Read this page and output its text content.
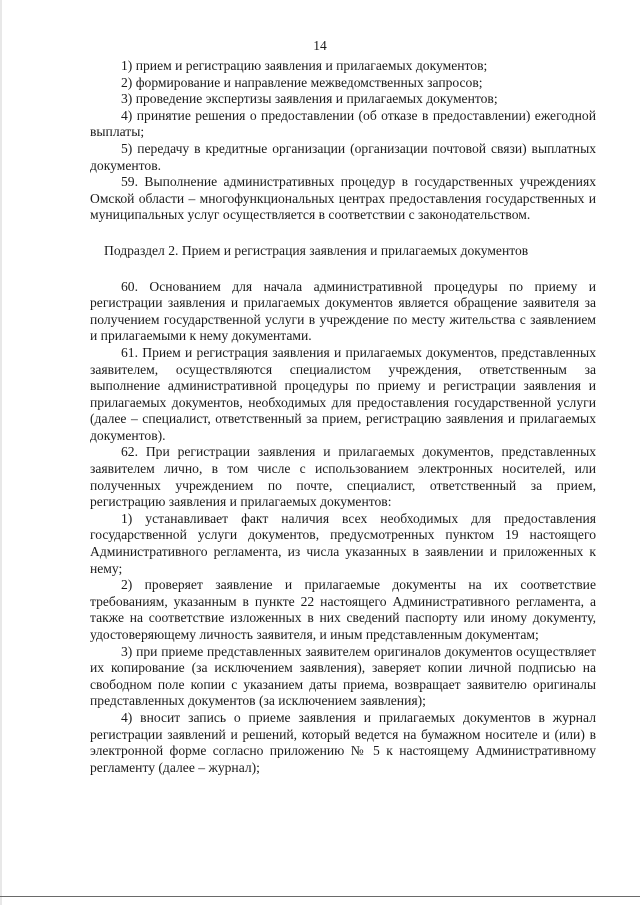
14

1) прием и регистрацию заявления и прилагаемых документов;

2) формирование и направление межведомственных запросов;

3) проведение экспертизы заявления и прилагаемых документов;

4) принятие решения о предоставлении (об отказе в предоставлении) ежегодной выплаты;

5) передачу в кредитные организации (организации почтовой связи) выплатных документов.

59. Выполнение административных процедур в государственных учреждениях Омской области – многофункциональных центрах предоставления государственных и муниципальных услуг осуществляется в соответствии с законодательством.

Подраздел 2. Прием и регистрация заявления и прилагаемых документов

60. Основанием для начала административной процедуры по приему и регистрации заявления и прилагаемых документов является обращение заявителя за получением государственной услуги в учреждение по месту жительства с заявлением и прилагаемыми к нему документами.

61. Прием и регистрация заявления и прилагаемых документов, представленных заявителем, осуществляются специалистом учреждения, ответственным за выполнение административной процедуры по приему и регистрации заявления и прилагаемых документов, необходимых для предоставления государственной услуги (далее – специалист, ответственный за прием, регистрацию заявления и прилагаемых документов).

62. При регистрации заявления и прилагаемых документов, представленных заявителем лично, в том числе с использованием электронных носителей, или полученных учреждением по почте, специалист, ответственный за прием, регистрацию заявления и прилагаемых документов:

1) устанавливает факт наличия всех необходимых для предоставления государственной услуги документов, предусмотренных пунктом 19 настоящего Административного регламента, из числа указанных в заявлении и приложенных к нему;

2) проверяет заявление и прилагаемые документы на их соответствие требованиям, указанным в пункте 22 настоящего Административного регламента, а также на соответствие изложенных в них сведений паспорту или иному документу, удостоверяющему личность заявителя, и иным представленным документам;

3) при приеме представленных заявителем оригиналов документов осуществляет их копирование (за исключением заявления), заверяет копии личной подписью на свободном поле копии с указанием даты приема, возвращает заявителю оригиналы представленных документов (за исключением заявления);

4) вносит запись о приеме заявления и прилагаемых документов в журнал регистрации заявлений и решений, который ведется на бумажном носителе и (или) в электронной форме согласно приложению № 5 к настоящему Административному регламенту (далее – журнал);
